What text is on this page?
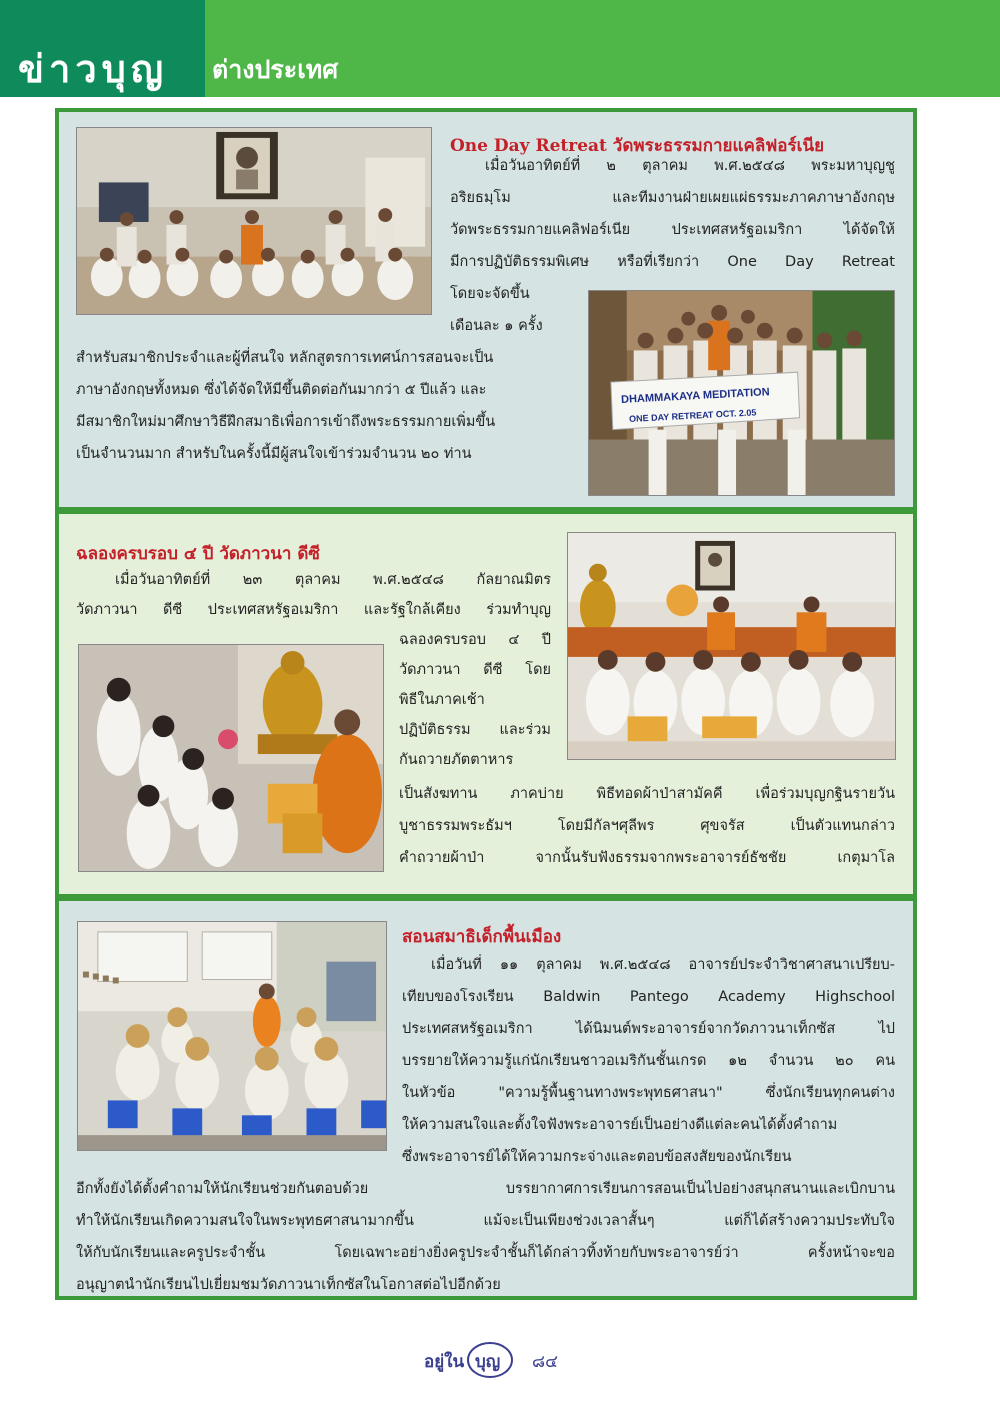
ข่าวบุญ ต่างประเทศ
One Day Retreat วัดพระธรรมกายแคลิฟอร์เนีย
เมื่อวันอาทิตย์ที่ ๒ ตุลาคม พ.ศ.๒๕๔๘ พระมหาบุญชู
อริยธมฺโม และทีมงานฝ่ายเผยแผ่ธรรมะภาคภาษาอังกฤษ
วัดพระธรรมกายแคลิฟอร์เนีย ประเทศสหรัฐอเมริกา ได้จัดให้
มีการปฏิบัติธรรมพิเศษ หรือที่เรียกว่า One Day Retreat
โดยจะจัดขึ้น
เดือนละ ๑ ครั้ง
สำหรับสมาชิกประจำและผู้ที่สนใจ หลักสูตรการเทศน์การสอนจะเป็น
ภาษาอังกฤษทั้งหมด ซึ่งได้จัดให้มีขึ้นติดต่อกันมากว่า ๕ ปีแล้ว และ
มีสมาชิกใหม่มาศึกษาวิธีฝึกสมาธิเพื่อการเข้าถึงพระธรรมกายเพิ่มขึ้น
เป็นจำนวนมาก สำหรับในครั้งนี้มีผู้สนใจเข้าร่วมจำนวน ๒๐ ท่าน
DHAMMAKAYA MEDITATION
ONE DAY RETREAT OCT. 2.05
ฉลองครบรอบ ๔ ปี วัดภาวนา ดีซี
เมื่อวันอาทิตย์ที่ ๒๓ ตุลาคม พ.ศ.๒๕๔๘ กัลยาณมิตร
วัดภาวนา ดีซี ประเทศสหรัฐอเมริกา และรัฐใกล้เคียง ร่วมทำบุญ
ฉลองครบรอบ ๔ ปี
วัดภาวนา ดีซี โดย
พิธีในภาคเช้า
ปฏิบัติธรรม และร่วม
กันถวายภัตตาหาร
เป็นสังฆทาน ภาคบ่าย พิธีทอดผ้าป่าสามัคคี เพื่อร่วมบุญกฐินรายวัน
บูชาธรรมพระธัมฯ โดยมีกัลฯศุลีพร ศุขจรัส เป็นตัวแทนกล่าว
คำถวายผ้าป่า จากนั้นรับฟังธรรมจากพระอาจารย์ธัชชัย เกตุมาโล
สอนสมาธิเด็กพื้นเมือง
เมื่อวันที่ ๑๑ ตุลาคม พ.ศ.๒๕๔๘ อาจารย์ประจำวิชาศาสนาเปรียบ-
เทียบของโรงเรียน Baldwin Pantego Academy Highschool
ประเทศสหรัฐอเมริกา ได้นิมนต์พระอาจารย์จากวัดภาวนาเท็กซัส ไป
บรรยายให้ความรู้แก่นักเรียนชาวอเมริกันชั้นเกรด ๑๒ จำนวน ๒๐ คน
ในหัวข้อ "ความรู้พื้นฐานทางพระพุทธศาสนา" ซึ่งนักเรียนทุกคนต่าง
ให้ความสนใจและตั้งใจฟังพระอาจารย์เป็นอย่างดีแต่ละคนได้ตั้งคำถาม
ซึ่งพระอาจารย์ได้ให้ความกระจ่างและตอบข้อสงสัยของนักเรียน
อีกทั้งยังได้ตั้งคำถามให้นักเรียนช่วยกันตอบด้วย บรรยากาศการเรียนการสอนเป็นไปอย่างสนุกสนานและเบิกบาน
ทำให้นักเรียนเกิดความสนใจในพระพุทธศาสนามากขึ้น แม้จะเป็นเพียงช่วงเวลาสั้นๆ แต่ก็ได้สร้างความประทับใจ
ให้กับนักเรียนและครูประจำชั้น โดยเฉพาะอย่างยิ่งครูประจำชั้นก็ได้กล่าวทิ้งท้ายกับพระอาจารย์ว่า ครั้งหน้าจะขอ
อนุญาตนำนักเรียนไปเยี่ยมชมวัดภาวนาเท็กซัสในโอกาสต่อไปอีกด้วย
อยู่ใน บุญ ๘๔
